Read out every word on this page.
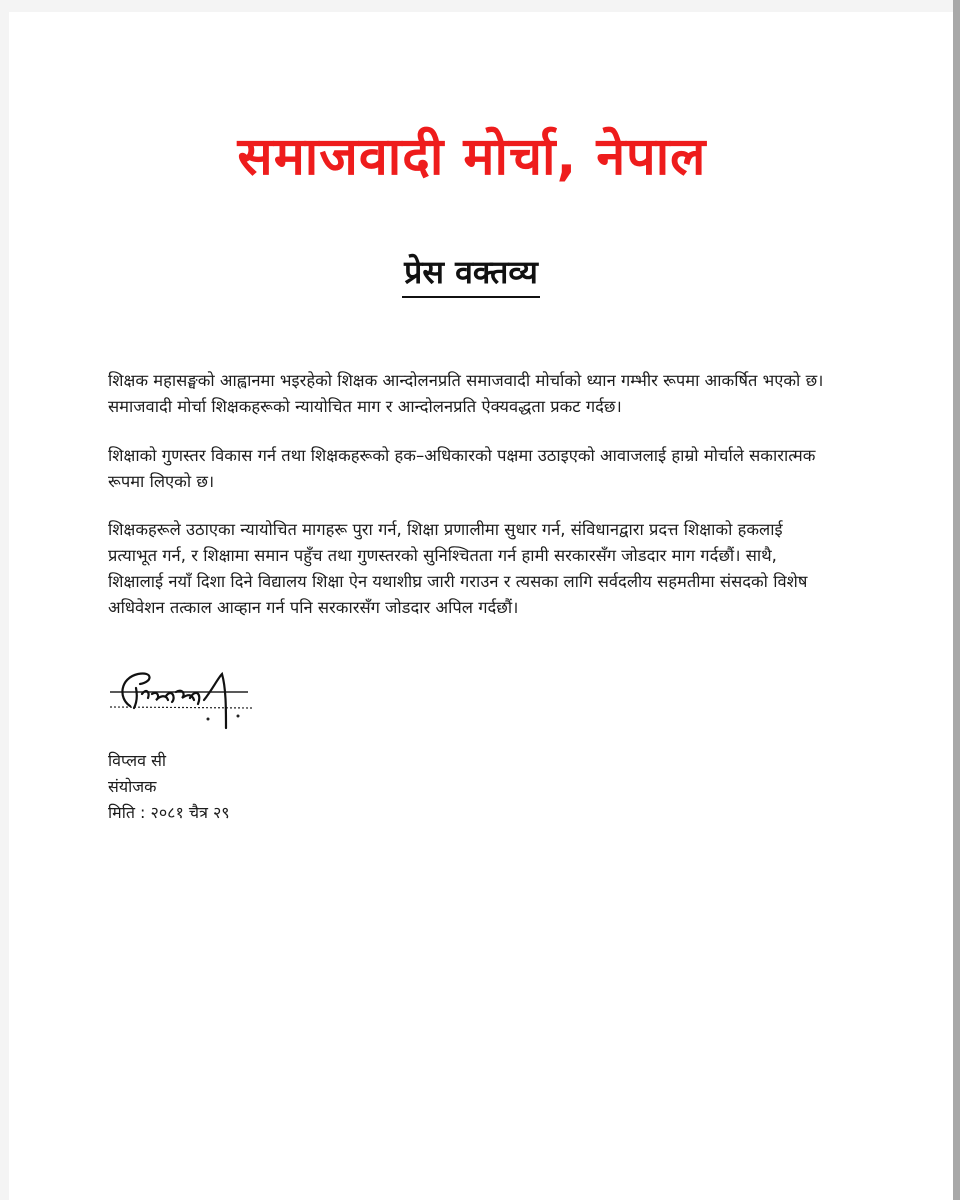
समाजवादी मोर्चा, नेपाल
प्रेस वक्तव्य

शिक्षक महासङ्घको आह्वानमा भइरहेको शिक्षक आन्दोलनप्रति समाजवादी मोर्चाको ध्यान गम्भीर रूपमा आकर्षित भएको छ। समाजवादी मोर्चा शिक्षकहरूको न्यायोचित माग र आन्दोलनप्रति ऐक्यवद्धता प्रकट गर्दछ।

शिक्षाको गुणस्तर विकास गर्न तथा शिक्षकहरूको हक–अधिकारको पक्षमा उठाइएको आवाजलाई हाम्रो मोर्चाले सकारात्मक रूपमा लिएको छ।

शिक्षकहरूले उठाएका न्यायोचित मागहरू पुरा गर्न, शिक्षा प्रणालीमा सुधार गर्न, संविधानद्वारा प्रदत्त शिक्षाको हकलाई प्रत्याभूत गर्न, र शिक्षामा समान पहुँच तथा गुणस्तरको सुनिश्चितता गर्न हामी सरकारसँग जोडदार माग गर्दछौं। साथै, शिक्षालाई नयाँ दिशा दिने विद्यालय शिक्षा ऐन यथाशीघ्र जारी गराउन र त्यसका लागि सर्वदलीय सहमतीमा संसदको विशेष अधिवेशन तत्काल आव्हान गर्न पनि सरकारसँग जोडदार अपिल गर्दछौं।

विप्लव सी
संयोजक
मिति : २०८१ चैत्र २९
